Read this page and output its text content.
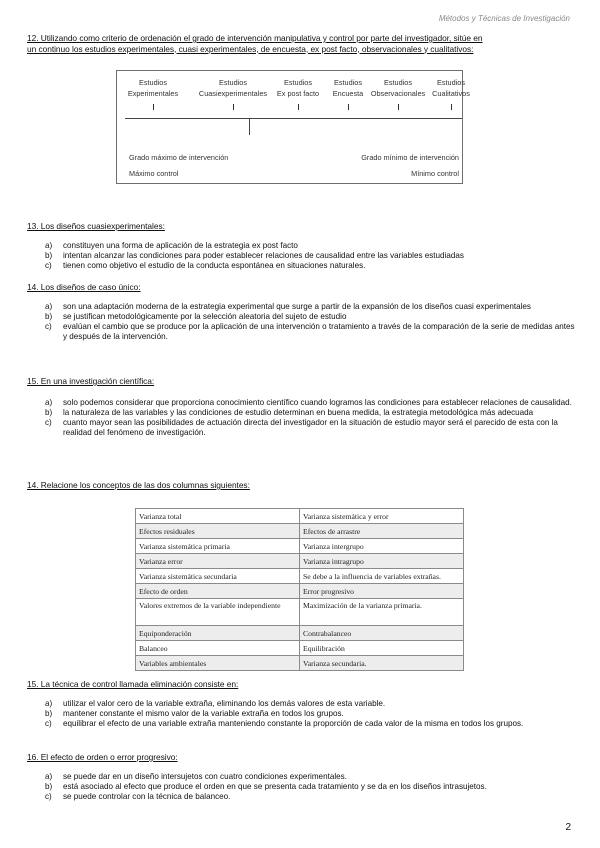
Métodos y Técnicas de Investigación
12. Utilizando como criterio de ordenación el grado de intervención manipulativa y control por parte del investigador, sitúe en
un continuo los estudios experimentales, cuasi experimentales, de encuesta, ex post facto, observacionales y cualitativos:
Estudios
Experimentales
Estudios
Cuasiexperimentales
Estudios
Ex post facto
Estudios
Encuesta
Estudios
Observacionales
Estudios
Cualitativos
Grado máximo de intervención
Máximo control
Grado mínimo de intervención
Mínimo control
13. Los diseños cuasiexperimentales:
a)	constituyen una forma de aplicación de la estrategia ex post facto
b)	intentan alcanzar las condiciones para poder establecer relaciones de causalidad entre las variables estudiadas
c)	tienen como objetivo el estudio de la conducta espontánea en situaciones naturales.
14. Los diseños de caso único:
a)	son una adaptación moderna de la estrategia experimental que surge a partir de la expansión de los diseños cuasi experimentales
b)	se justifican metodológicamente por la selección aleatoria del sujeto de estudio
c)	evalúan el cambio que se produce por la aplicación de una intervención o tratamiento a través de la comparación de la serie de medidas antes y después de la intervención.
15. En una investigación científica:
a)	solo podemos considerar que proporciona conocimiento científico cuando logramos las condiciones para establecer relaciones de causalidad.
b)	la naturaleza de las variables y las condiciones de estudio determinan en buena medida, la estrategia metodológica más adecuada
c)	cuanto mayor sean las posibilidades de actuación directa del investigador en la situación de estudio mayor será el parecido de esta con la realidad del fenómeno de investigación.
14. Relacione los conceptos de las dos columnas siguientes:
Varianza total	Varianza sistemática y error
Efectos residuales	Efectos de arrastre
Varianza sistemática primaria	Varianza intergrupo
Varianza error	Varianza intragrupo
Varianza sistemática secundaria	Se debe a la influencia de variables extrañas.
Efecto de orden	Error progresivo
Valores extremos de la variable independiente	Maximización de la varianza primaria.
Equiponderación	Contrabalanceo
Balanceo	Equilibración
Variables ambientales	Varianza secundaria.
15. La técnica de control llamada eliminación consiste en:
a)	utilizar el valor cero de la variable extraña, eliminando los demás valores de esta variable.
b)	mantener constante el mismo valor de la variable extraña en todos los grupos.
c)	equilibrar el efecto de una variable extraña manteniendo constante la proporción de cada valor de la misma en todos los grupos.
16. El efecto de orden o error progresivo:
a)	se puede dar en un diseño intersujetos con cuatro condiciones experimentales.
b)	está asociado al efecto que produce el orden en que se presenta cada tratamiento y se da en los diseños intrasujetos.
c)	se puede controlar con la técnica de balanceo.
2
